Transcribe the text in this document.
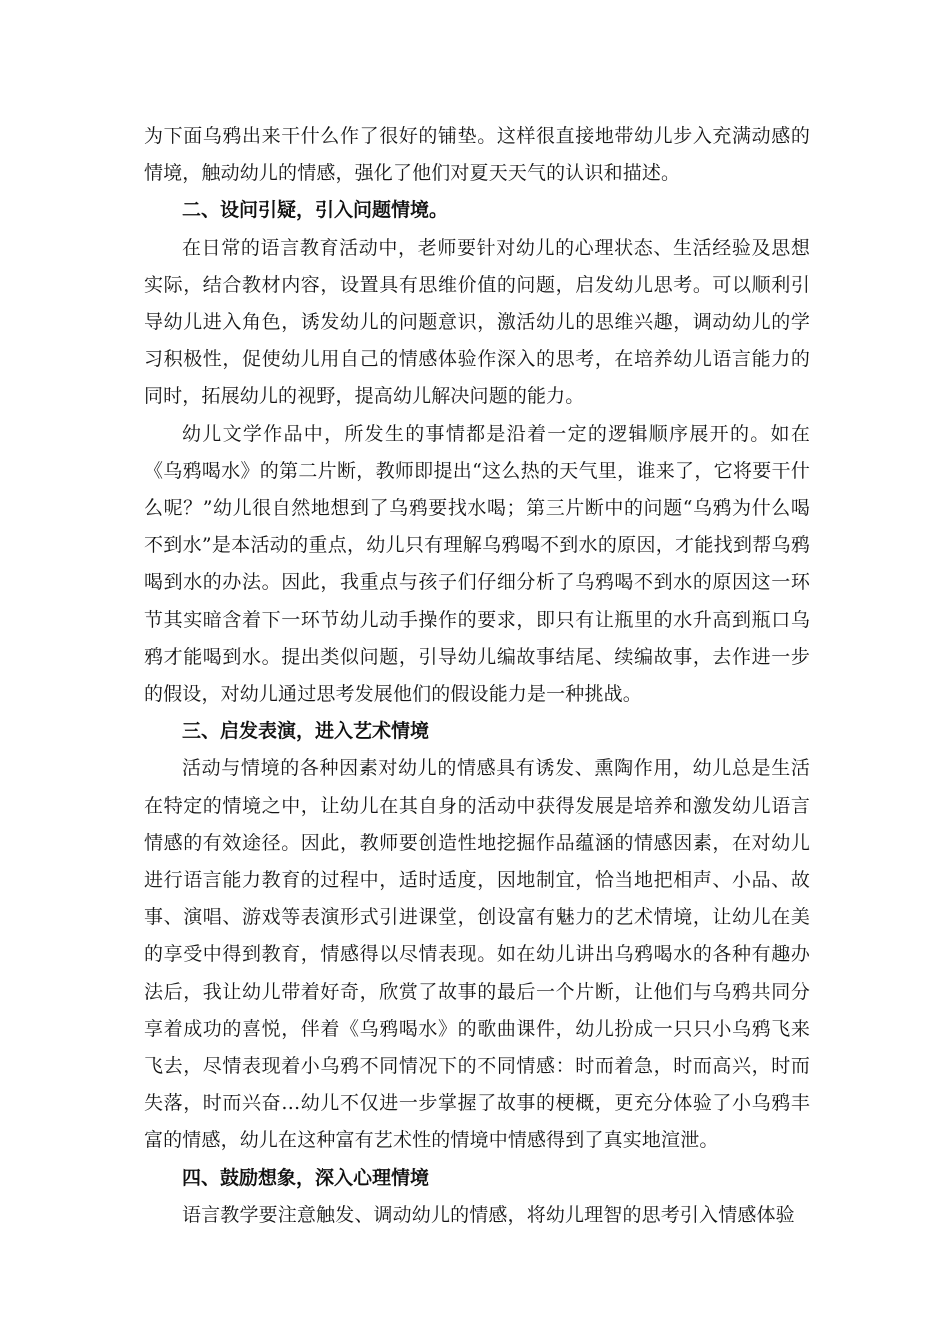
为下面乌鸦出来干什么作了很好的铺垫。这样很直接地带幼儿步入充满动感的情境，触动幼儿的情感，强化了他们对夏天天气的认识和描述。

二、设问引疑，引入问题情境。

在日常的语言教育活动中，老师要针对幼儿的心理状态、生活经验及思想实际，结合教材内容，设置具有思维价值的问题，启发幼儿思考。可以顺利引导幼儿进入角色，诱发幼儿的问题意识，激活幼儿的思维兴趣，调动幼儿的学习积极性，促使幼儿用自己的情感体验作深入的思考，在培养幼儿语言能力的同时，拓展幼儿的视野，提高幼儿解决问题的能力。

幼儿文学作品中，所发生的事情都是沿着一定的逻辑顺序展开的。如在《乌鸦喝水》的第二片断，教师即提出“这么热的天气里，谁来了，它将要干什么呢？”幼儿很自然地想到了乌鸦要找水喝；第三片断中的问题“乌鸦为什么喝不到水”是本活动的重点，幼儿只有理解乌鸦喝不到水的原因，才能找到帮乌鸦喝到水的办法。因此，我重点与孩子们仔细分析了乌鸦喝不到水的原因这一环节其实暗含着下一环节幼儿动手操作的要求，即只有让瓶里的水升高到瓶口乌鸦才能喝到水。提出类似问题，引导幼儿编故事结尾、续编故事，去作进一步的假设，对幼儿通过思考发展他们的假设能力是一种挑战。

三、启发表演，进入艺术情境

活动与情境的各种因素对幼儿的情感具有诱发、熏陶作用，幼儿总是生活在特定的情境之中，让幼儿在其自身的活动中获得发展是培养和激发幼儿语言情感的有效途径。因此，教师要创造性地挖掘作品蕴涵的情感因素，在对幼儿进行语言能力教育的过程中，适时适度，因地制宜，恰当地把相声、小品、故事、演唱、游戏等表演形式引进课堂，创设富有魅力的艺术情境，让幼儿在美的享受中得到教育，情感得以尽情表现。如在幼儿讲出乌鸦喝水的各种有趣办法后，我让幼儿带着好奇，欣赏了故事的最后一个片断，让他们与乌鸦共同分享着成功的喜悦，伴着《乌鸦喝水》的歌曲课件，幼儿扮成一只只小乌鸦飞来飞去，尽情表现着小乌鸦不同情况下的不同情感：时而着急，时而高兴，时而失落，时而兴奋…幼儿不仅进一步掌握了故事的梗概，更充分体验了小乌鸦丰富的情感，幼儿在这种富有艺术性的情境中情感得到了真实地渲泄。

四、鼓励想象，深入心理情境

语言教学要注意触发、调动幼儿的情感，将幼儿理智的思考引入情感体验
